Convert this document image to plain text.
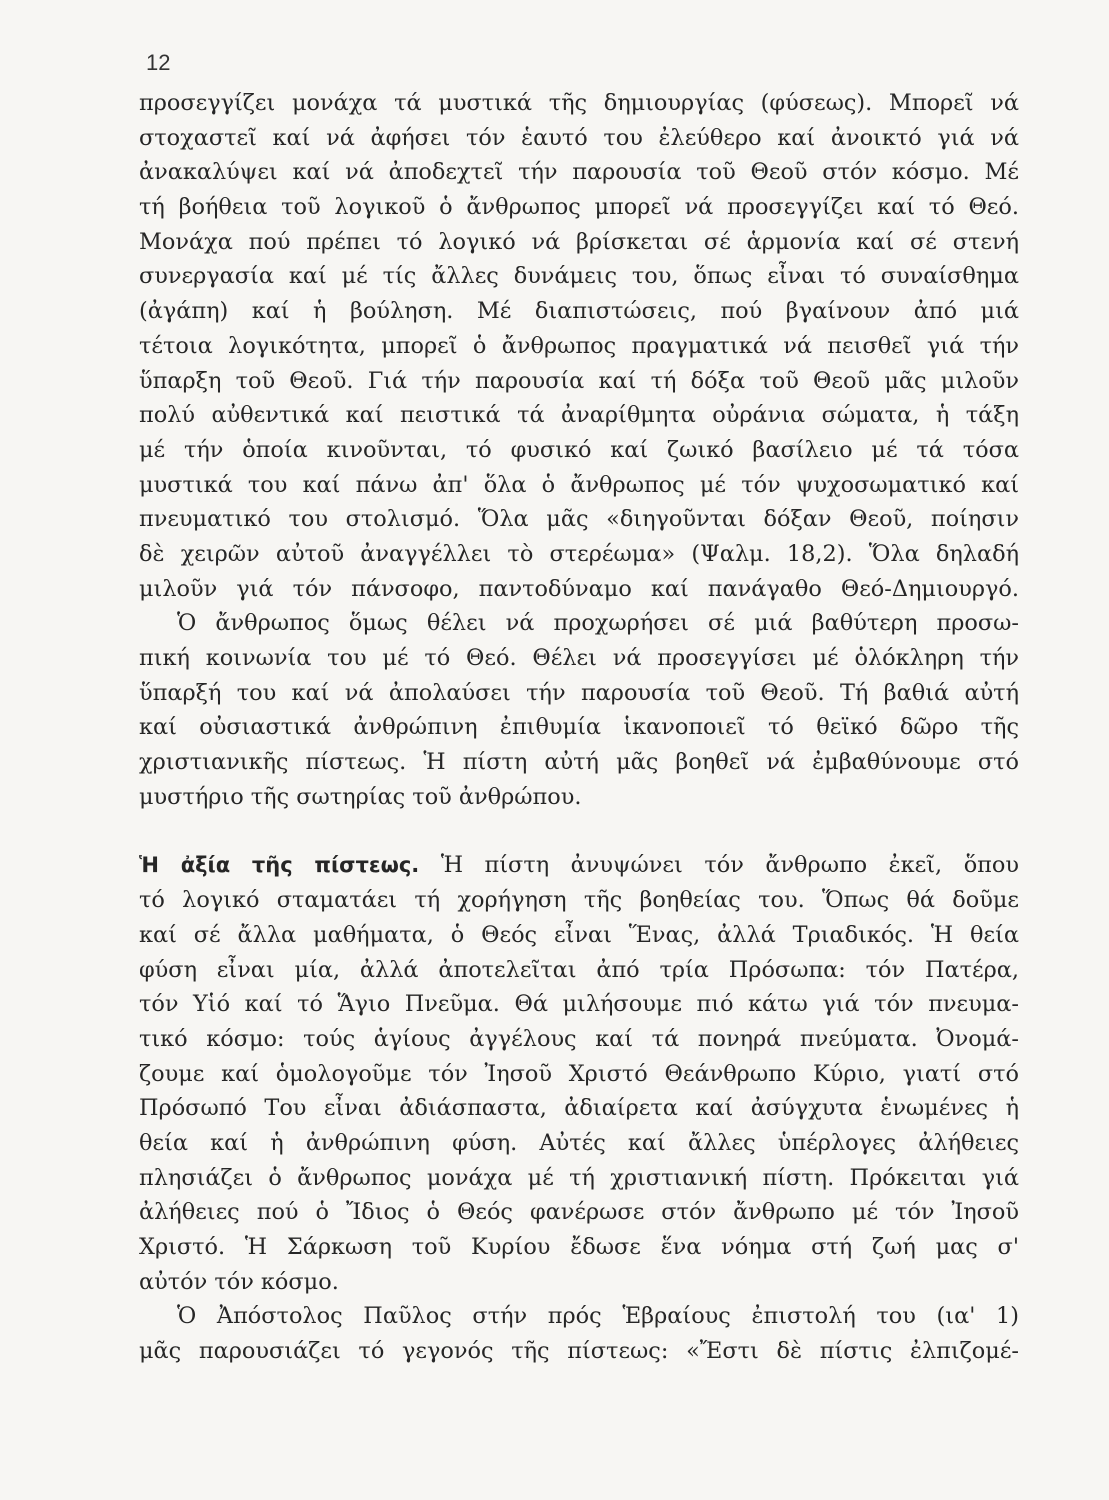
12
προσεγγίζει μονάχα τά μυστικά τῆς δημιουργίας (φύσεως). Μπορεῖ νά
στοχαστεῖ καί νά ἀφήσει τόν ἑαυτό του ἐλεύθερο καί ἀνοικτό γιά νά
ἀνακαλύψει καί νά ἀποδεχτεῖ τήν παρουσία τοῦ Θεοῦ στόν κόσμο. Μέ
τή βοήθεια τοῦ λογικοῦ ὁ ἄνθρωπος μπορεῖ νά προσεγγίζει καί τό Θεό.
Μονάχα πού πρέπει τό λογικό νά βρίσκεται σέ ἁρμονία καί σέ στενή
συνεργασία καί μέ τίς ἄλλες δυνάμεις του, ὅπως εἶναι τό συναίσθημα
(ἀγάπη) καί ἡ βούληση. Μέ διαπιστώσεις, πού βγαίνουν ἀπό μιά
τέτοια λογικότητα, μπορεῖ ὁ ἄνθρωπος πραγματικά νά πεισθεῖ γιά τήν
ὕπαρξη τοῦ Θεοῦ. Γιά τήν παρουσία καί τή δόξα τοῦ Θεοῦ μᾶς μιλοῦν
πολύ αὐθεντικά καί πειστικά τά ἀναρίθμητα οὐράνια σώματα, ἡ τάξη
μέ τήν ὁποία κινοῦνται, τό φυσικό καί ζωικό βασίλειο μέ τά τόσα
μυστικά του καί πάνω ἀπ' ὅλα ὁ ἄνθρωπος μέ τόν ψυχοσωματικό καί
πνευματικό του στολισμό. Ὅλα μᾶς «διηγοῦνται δόξαν Θεοῦ, ποίησιν
δὲ χειρῶν αὐτοῦ ἀναγγέλλει τὸ στερέωμα» (Ψαλμ. 18,2). Ὅλα δηλαδή
μιλοῦν γιά τόν πάνσοφο, παντοδύναμο καί πανάγαθο Θεό-Δημιουργό.
Ὁ ἄνθρωπος ὅμως θέλει νά προχωρήσει σέ μιά βαθύτερη προσω-
πική κοινωνία του μέ τό Θεό. Θέλει νά προσεγγίσει μέ ὁλόκληρη τήν
ὕπαρξή του καί νά ἀπολαύσει τήν παρουσία τοῦ Θεοῦ. Τή βαθιά αὐτή
καί οὐσιαστικά ἀνθρώπινη ἐπιθυμία ἱκανοποιεῖ τό θεϊκό δῶρο τῆς
χριστιανικῆς πίστεως. Ἡ πίστη αὐτή μᾶς βοηθεῖ νά ἐμβαθύνουμε στό
μυστήριο τῆς σωτηρίας τοῦ ἀνθρώπου.
Ἡ ἀξία τῆς πίστεως. Ἡ πίστη ἀνυψώνει τόν ἄνθρωπο ἐκεῖ, ὅπου
τό λογικό σταματάει τή χορήγηση τῆς βοηθείας του. Ὅπως θά δοῦμε
καί σέ ἄλλα μαθήματα, ὁ Θεός εἶναι Ἕνας, ἀλλά Τριαδικός. Ἡ θεία
φύση εἶναι μία, ἀλλά ἀποτελεῖται ἀπό τρία Πρόσωπα: τόν Πατέρα,
τόν Υἱό καί τό Ἅγιο Πνεῦμα. Θά μιλήσουμε πιό κάτω γιά τόν πνευμα-
τικό κόσμο: τούς ἁγίους ἀγγέλους καί τά πονηρά πνεύματα. Ὀνομά-
ζουμε καί ὁμολογοῦμε τόν Ἰησοῦ Χριστό Θεάνθρωπο Κύριο, γιατί στό
Πρόσωπό Του εἶναι ἀδιάσπαστα, ἀδιαίρετα καί ἀσύγχυτα ἑνωμένες ἡ
θεία καί ἡ ἀνθρώπινη φύση. Αὐτές καί ἄλλες ὑπέρλογες ἀλήθειες
πλησιάζει ὁ ἄνθρωπος μονάχα μέ τή χριστιανική πίστη. Πρόκειται γιά
ἀλήθειες πού ὁ Ἴδιος ὁ Θεός φανέρωσε στόν ἄνθρωπο μέ τόν Ἰησοῦ
Χριστό. Ἡ Σάρκωση τοῦ Κυρίου ἔδωσε ἕνα νόημα στή ζωή μας σ'
αὐτόν τόν κόσμο.
Ὁ Ἀπόστολος Παῦλος στήν πρός Ἑβραίους ἐπιστολή του (ια' 1)
μᾶς παρουσιάζει τό γεγονός τῆς πίστεως: «Ἔστι δὲ πίστις ἐλπιζομέ-
